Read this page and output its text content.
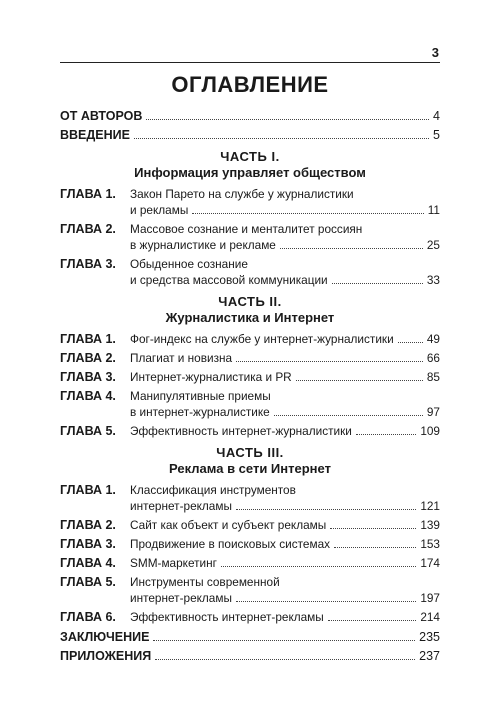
3
ОГЛАВЛЕНИЕ
ОТ АВТОРОВ	4
ВВЕДЕНИЕ	5
ЧАСТЬ I.
Информация управляет обществом
ГЛАВА 1.	Закон Парето на службе у журналистики
и рекламы	11
ГЛАВА 2.	Массовое сознание и менталитет россиян
в журналистике и рекламе	25
ГЛАВА 3.	Обыденное сознание
и средства массовой коммуникации	33
ЧАСТЬ II.
Журналистика и Интернет
ГЛАВА 1.	Фог-индекс на службе у интернет-журналистики	49
ГЛАВА 2.	Плагиат и новизна	66
ГЛАВА 3.	Интернет-журналистика и PR	85
ГЛАВА 4.	Манипулятивные приемы
в интернет-журналистике	97
ГЛАВА 5.	Эффективность интернет-журналистики	109
ЧАСТЬ III.
Реклама в сети Интернет
ГЛАВА 1.	Классификация инструментов
интернет-рекламы	121
ГЛАВА 2.	Сайт как объект и субъект рекламы	139
ГЛАВА 3.	Продвижение в поисковых системах	153
ГЛАВА 4.	SMM-маркетинг	174
ГЛАВА 5.	Инструменты современной
интернет-рекламы	197
ГЛАВА 6.	Эффективность интернет-рекламы	214
ЗАКЛЮЧЕНИЕ	235
ПРИЛОЖЕНИЯ	237
